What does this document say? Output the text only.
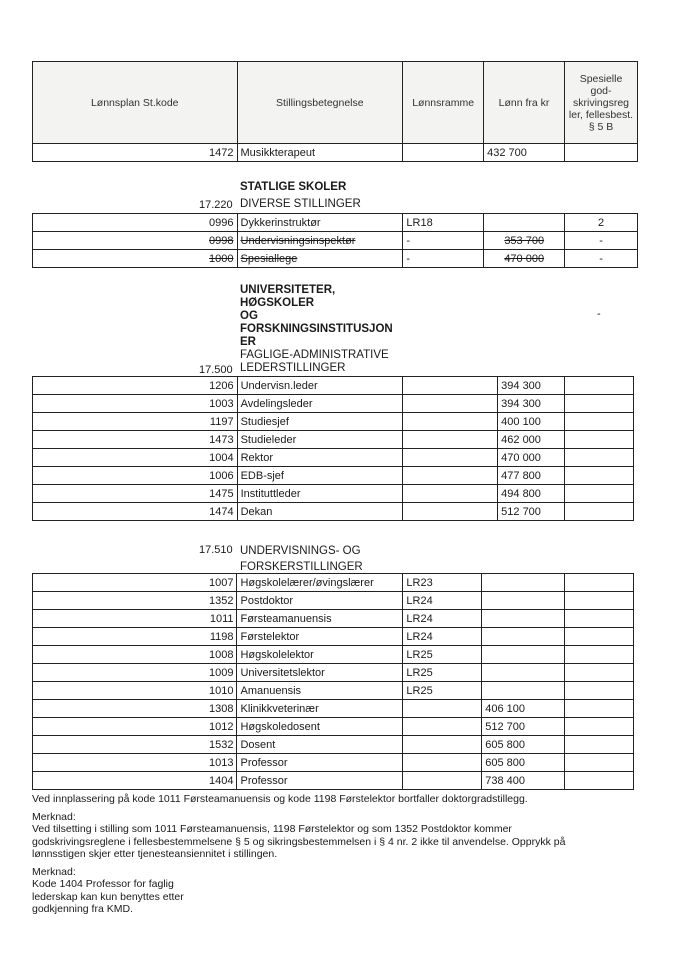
Lønnsplan St.kode	Stillingsbetegnelse	Lønnsramme	Lønn fra kr	Spesielle god-skrivingsreg ler, fellesbest. § 5 B
1472	Musikkterapeut		432 700	
STATLIGE SKOLER
17.220 DIVERSE STILLINGER
0996	Dykkerinstruktør	LR18		2
0998	Undervisningsinspektør	-	353 700	-
1000	Spesiallege	-	470 000	-
UNIVERSITETER,
HØGSKOLER
OG
FORSKNINGSINSTITUSJON
ER
-
FAGLIGE-ADMINISTRATIVE
LEDERSTILLINGER
17.500
1206	Undervisn.leder		394 300	
1003	Avdelingsleder		394 300	
1197	Studiesjef		400 100	
1473	Studieleder		462 000	
1004	Rektor		470 000	
1006	EDB-sjef		477 800	
1475	Instituttleder		494 800	
1474	Dekan		512 700	
17.510 UNDERVISNINGS- OG
FORSKERSTILLINGER
1007	Høgskolelærer/øvingslærer	LR23		
1352	Postdoktor	LR24		
1011	Førsteamanuensis	LR24		
1198	Førstelektor	LR24		
1008	Høgskolelektor	LR25		
1009	Universitetslektor	LR25		
1010	Amanuensis	LR25		
1308	Klinikkveterinær		406 100	
1012	Høgskoledosent		512 700	
1532	Dosent		605 800	
1013	Professor		605 800	
1404	Professor		738 400	
Ved innplassering på kode 1011 Førsteamanuensis og kode 1198 Førstelektor bortfaller doktorgradstillegg.
Merknad:
Ved tilsetting i stilling som 1011 Førsteamanuensis, 1198 Førstelektor og som 1352 Postdoktor kommer
godskrivingsreglene i fellesbestemmelsene § 5 og sikringsbestemmelsen i § 4 nr. 2 ikke til anvendelse. Opprykk på
lønnsstigen skjer etter tjenesteansiennitet i stillingen.
Merknad:
Kode 1404 Professor for faglig
lederskap kan kun benyttes etter
godkjenning fra KMD.
